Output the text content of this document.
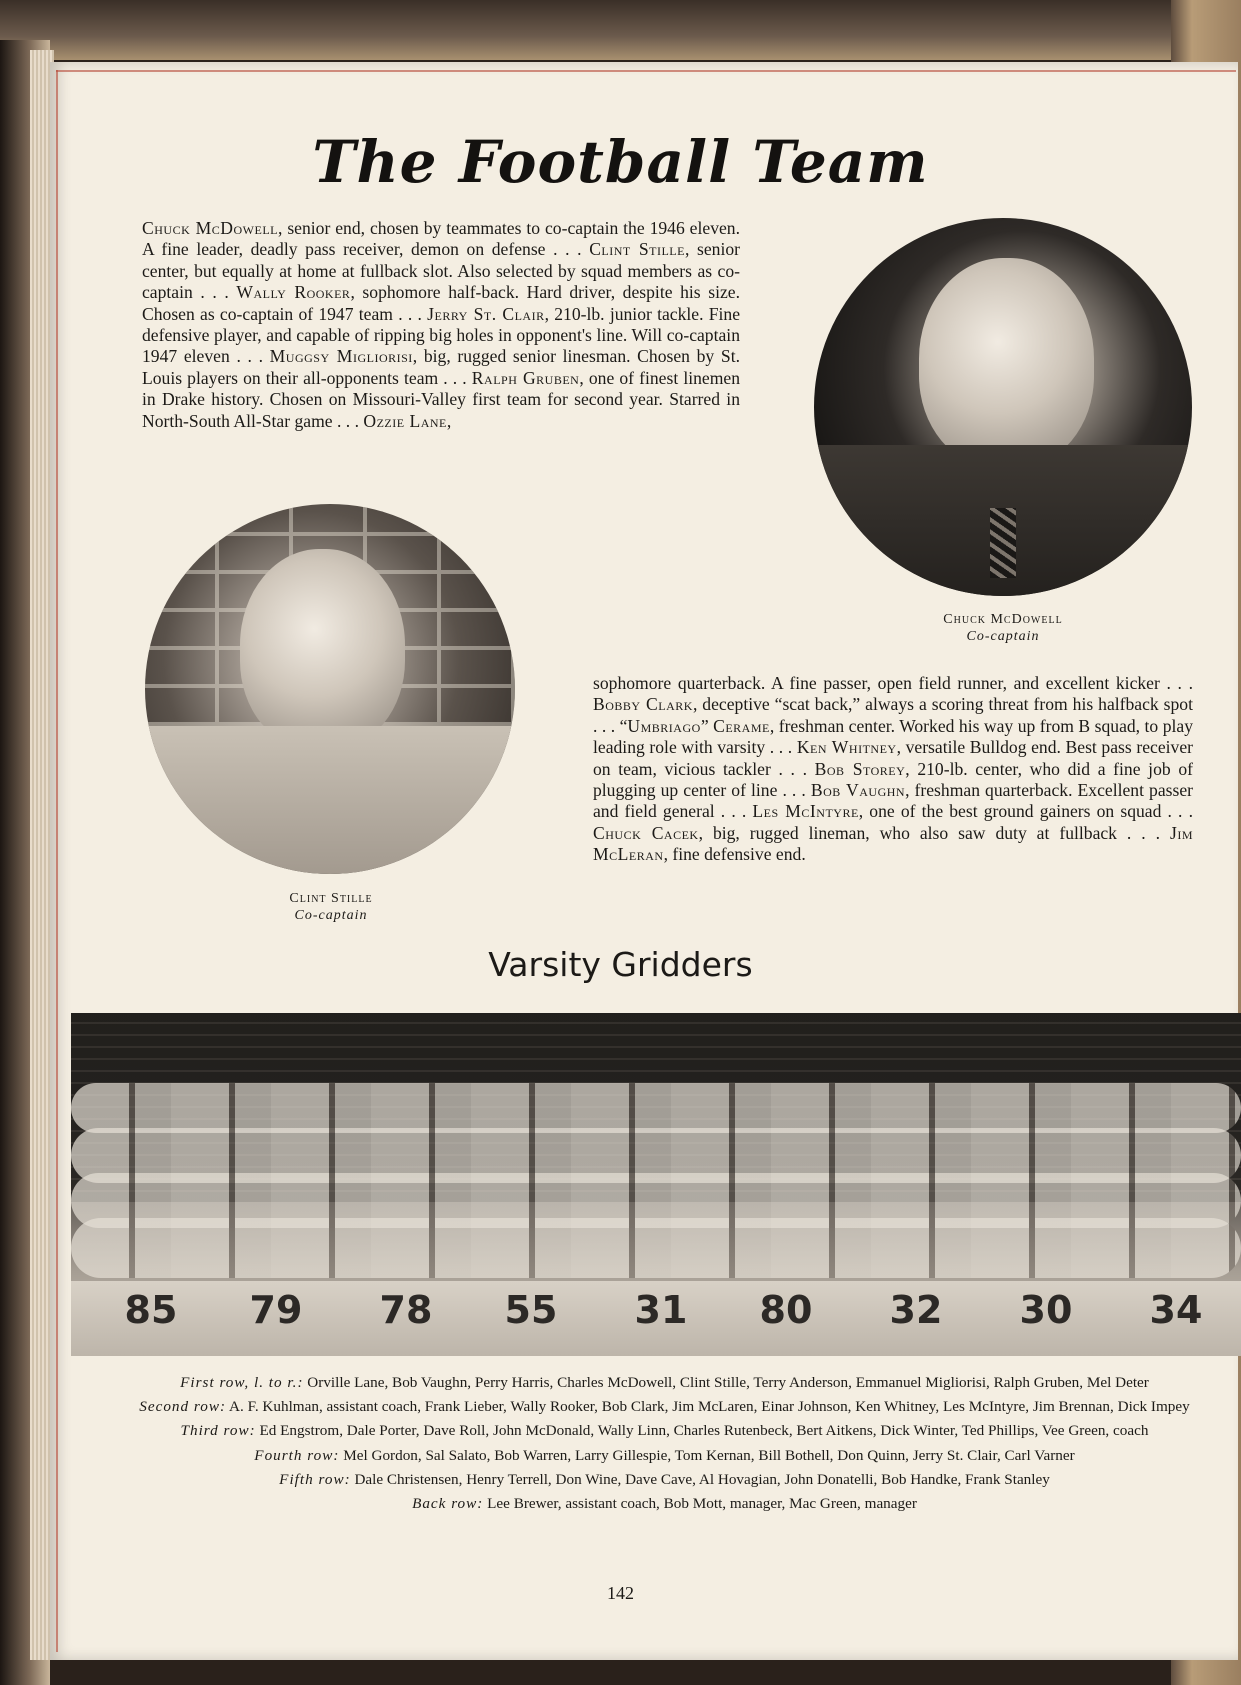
The Football Team

Chuck McDowell, senior end, chosen by teammates to co-captain the 1946 eleven. A fine leader, deadly pass receiver, demon on defense . . . Clint Stille, senior center, but equally at home at fullback slot. Also selected by squad members as co-captain . . . Wally Rooker, sophomore half-back. Hard driver, despite his size. Chosen as co-captain of 1947 team . . . Jerry St. Clair, 210-lb. junior tackle. Fine defensive player, and capable of ripping big holes in opponent's line. Will co-captain 1947 eleven . . . Muggsy Migliorisi, big, rugged senior linesman. Chosen by St. Louis players on their all-opponents team . . . Ralph Gruben, one of finest linemen in Drake history. Chosen on Missouri-Valley first team for second year. Starred in North-South All-Star game . . . Ozzie Lane,

Chuck McDowell
Co-captain

Clint Stille
Co-captain

sophomore quarterback. A fine passer, open field runner, and excellent kicker . . . Bobby Clark, deceptive “scat back,” always a scoring threat from his halfback spot . . . “Umbriago” Cerame, freshman center. Worked his way up from B squad, to play leading role with varsity . . . Ken Whitney, versatile Bulldog end. Best pass receiver on team, vicious tackler . . . Bob Storey, 210-lb. center, who did a fine job of plugging up center of line . . . Bob Vaughn, freshman quarterback. Excellent passer and field general . . . Les McIntyre, one of the best ground gainers on squad . . . Chuck Cacek, big, rugged lineman, who also saw duty at fullback . . . Jim McLeran, fine defensive end.

Varsity Gridders
85	79	78	55	31	80	32	30	34

First row, l. to r.: Orville Lane, Bob Vaughn, Perry Harris, Charles McDowell, Clint Stille, Terry Anderson, Emmanuel Migliorisi, Ralph Gruben, Mel Deter

Second row: A. F. Kuhlman, assistant coach, Frank Lieber, Wally Rooker, Bob Clark, Jim McLaren, Einar Johnson, Ken Whitney, Les McIntyre, Jim Brennan, Dick Impey

Third row: Ed Engstrom, Dale Porter, Dave Roll, John McDonald, Wally Linn, Charles Rutenbeck, Bert Aitkens, Dick Winter, Ted Phillips, Vee Green, coach

Fourth row: Mel Gordon, Sal Salato, Bob Warren, Larry Gillespie, Tom Kernan, Bill Bothell, Don Quinn, Jerry St. Clair, Carl Varner

Fifth row: Dale Christensen, Henry Terrell, Don Wine, Dave Cave, Al Hovagian, John Donatelli, Bob Handke, Frank Stanley

Back row: Lee Brewer, assistant coach, Bob Mott, manager, Mac Green, manager

142
